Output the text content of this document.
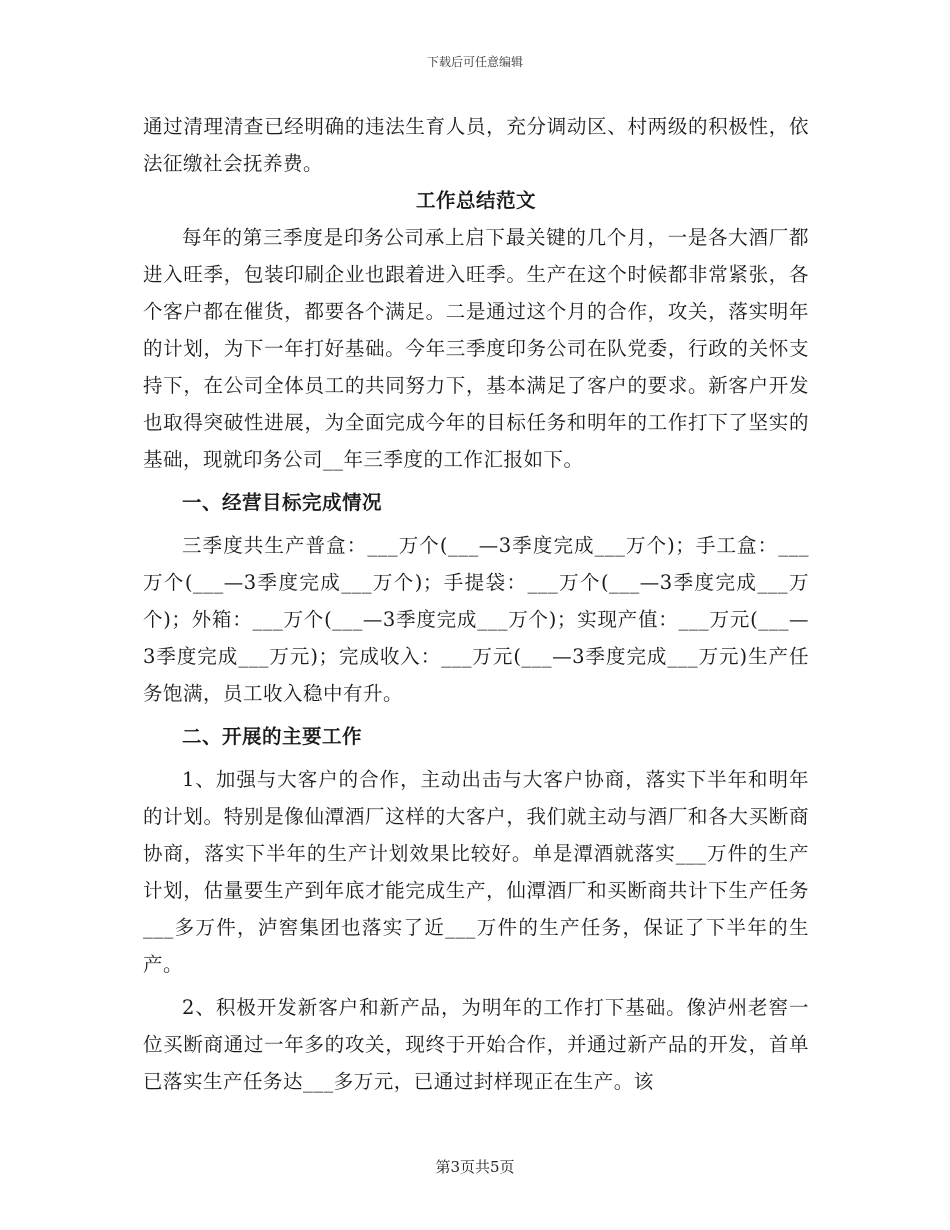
下载后可任意编辑

通过清理清查已经明确的违法生育人员，充分调动区、村两级的积极性，依法征缴社会抚养费。

工作总结范文

每年的第三季度是印务公司承上启下最关键的几个月，一是各大酒厂都进入旺季，包装印刷企业也跟着进入旺季。生产在这个时候都非常紧张，各个客户都在催货，都要各个满足。二是通过这个月的合作，攻关，落实明年的计划，为下一年打好基础。今年三季度印务公司在队党委，行政的关怀支持下，在公司全体员工的共同努力下，基本满足了客户的要求。新客户开发也取得突破性进展，为全面完成今年的目标任务和明年的工作打下了坚实的基础，现就印务公司__年三季度的工作汇报如下。

一、经营目标完成情况

三季度共生产普盒：___万个(___—3季度完成___万个)；手工盒：___万个(___—3季度完成___万个)；手提袋：___万个(___—3季度完成___万个)；外箱：___万个(___—3季度完成___万个)；实现产值：___万元(___—3季度完成___万元)；完成收入：___万元(___—3季度完成___万元)生产任务饱满，员工收入稳中有升。

二、开展的主要工作

1、加强与大客户的合作，主动出击与大客户协商，落实下半年和明年的计划。特别是像仙潭酒厂这样的大客户，我们就主动与酒厂和各大买断商协商，落实下半年的生产计划效果比较好。单是潭酒就落实___万件的生产计划，估量要生产到年底才能完成生产，仙潭酒厂和买断商共计下生产任务___多万件，泸窖集团也落实了近___万件的生产任务，保证了下半年的生产。

2、积极开发新客户和新产品，为明年的工作打下基础。像泸州老窖一位买断商通过一年多的攻关，现终于开始合作，并通过新产品的开发，首单已落实生产任务达___多万元，已通过封样现正在生产。该

第3页共5页
